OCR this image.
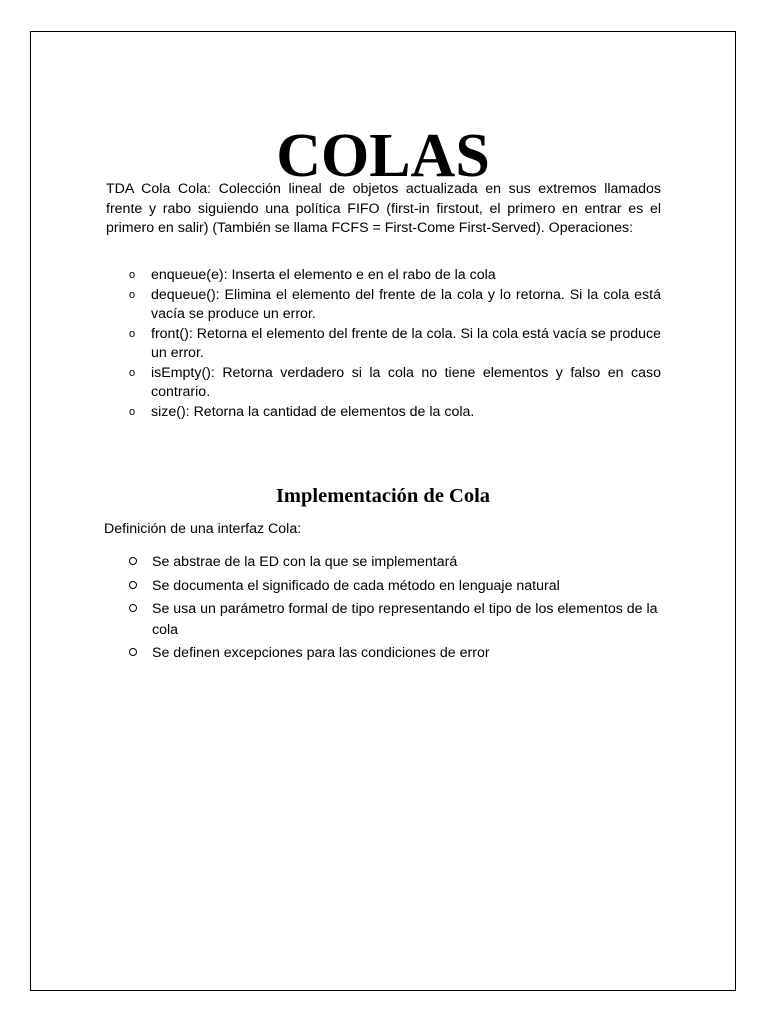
COLAS

TDA Cola Cola: Colección lineal de objetos actualizada en sus extremos llamados frente y rabo siguiendo una política FIFO (first-in firstout, el primero en entrar es el primero en salir) (También se llama FCFS = First-Come First-Served). Operaciones:

o enqueue(e): Inserta el elemento e en el rabo de la cola
o dequeue(): Elimina el elemento del frente de la cola y lo retorna. Si la cola está vacía se produce un error.
o front(): Retorna el elemento del frente de la cola. Si la cola está vacía se produce un error.
o isEmpty(): Retorna verdadero si la cola no tiene elementos y falso en caso contrario.
o size(): Retorna la cantidad de elementos de la cola.
Implementación de Cola

Definición de una interfaz Cola:

Se abstrae de la ED con la que se implementará
Se documenta el significado de cada método en lenguaje natural
Se usa un parámetro formal de tipo representando el tipo de los elementos de la cola
Se definen excepciones para las condiciones de error
